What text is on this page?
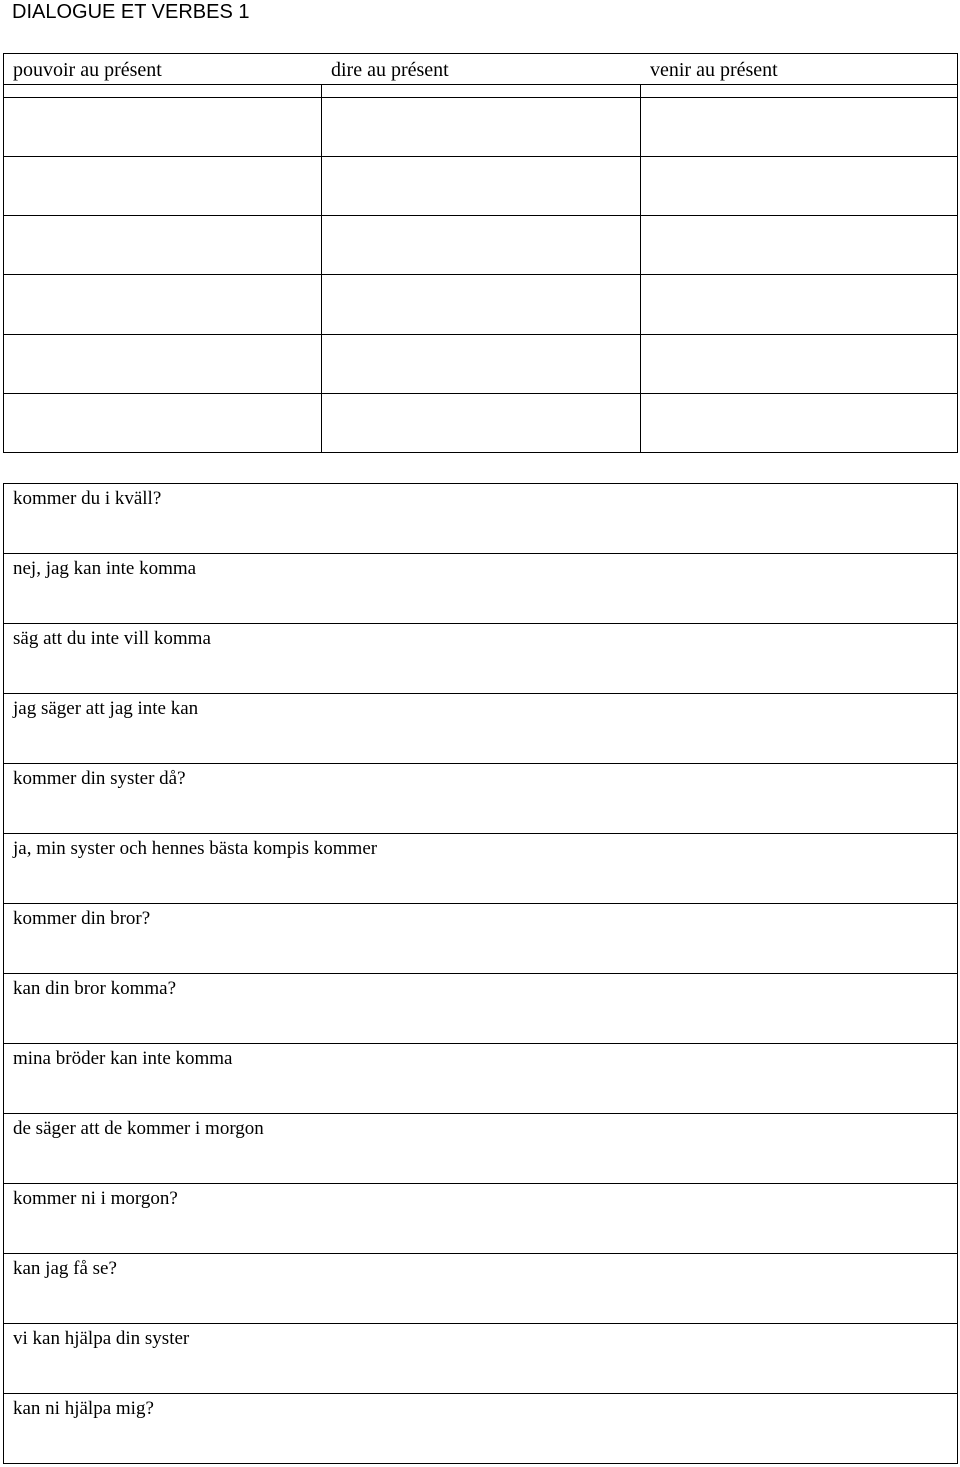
DIALOGUE ET VERBES 1
pouvoir au présent	dire au présent	venir au présent
kommer du i kväll?
nej, jag kan inte komma
säg att du inte vill komma
jag säger att jag inte kan
kommer din syster då?
ja, min syster och hennes bästa kompis kommer
kommer din bror?
kan din bror komma?
mina bröder kan inte komma
de säger att de kommer i morgon
kommer ni i morgon?
kan jag få se?
vi kan hjälpa din syster
kan ni hjälpa mig?
